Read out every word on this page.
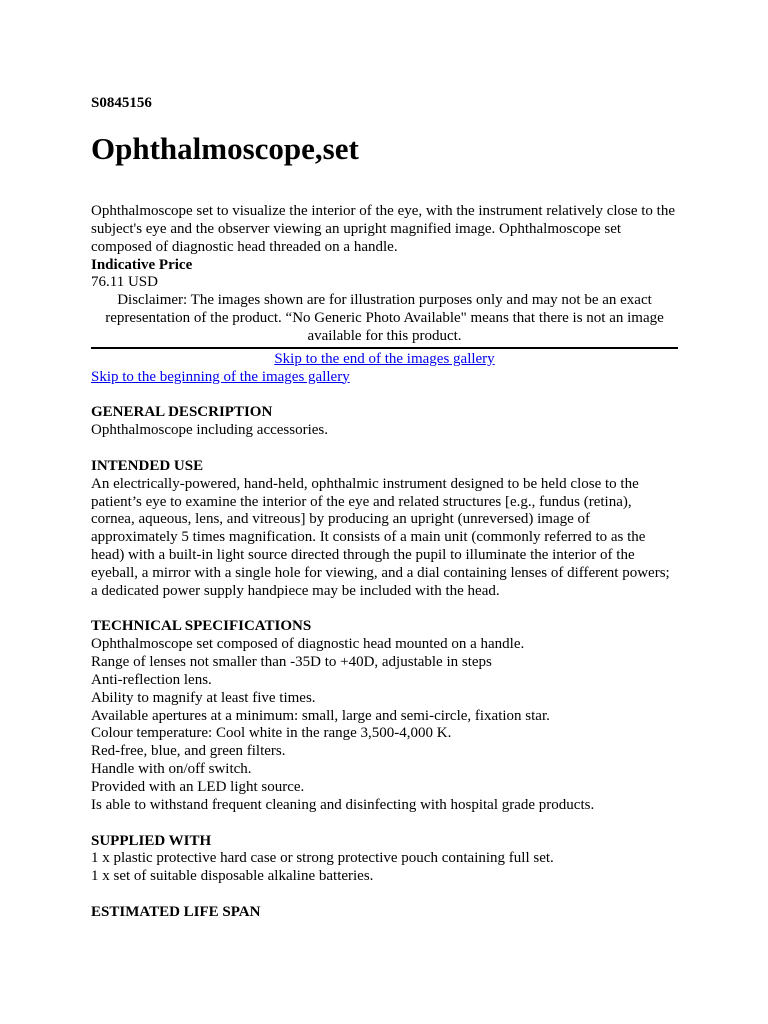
S0845156
Ophthalmoscope,set

Ophthalmoscope set to visualize the interior of the eye, with the instrument relatively close to the subject's eye and the observer viewing an upright magnified image. Ophthalmoscope set composed of diagnostic head threaded on a handle.

Indicative Price

76.11 USD

Disclaimer: The images shown are for illustration purposes only and may not be an exact representation of the product. “No Generic Photo Available" means that there is not an image available for this product.

Skip to the end of the images gallery
Skip to the beginning of the images gallery

GENERAL DESCRIPTION

Ophthalmoscope including accessories.

INTENDED USE

An electrically-powered, hand-held, ophthalmic instrument designed to be held close to the patient’s eye to examine the interior of the eye and related structures [e.g., fundus (retina), cornea, aqueous, lens, and vitreous] by producing an upright (unreversed) image of approximately 5 times magnification. It consists of a main unit (commonly referred to as the head) with a built-in light source directed through the pupil to illuminate the interior of the eyeball, a mirror with a single hole for viewing, and a dial containing lenses of different powers; a dedicated power supply handpiece may be included with the head.

TECHNICAL SPECIFICATIONS

Ophthalmoscope set composed of diagnostic head mounted on a handle.
Range of lenses not smaller than -35D to +40D, adjustable in steps
Anti-reflection lens.
Ability to magnify at least five times.
Available apertures at a minimum: small, large and semi-circle, fixation star.
Colour temperature: Cool white in the range 3,500-4,000 K.
Red-free, blue, and green filters.
Handle with on/off switch.
Provided with an LED light source.
Is able to withstand frequent cleaning and disinfecting with hospital grade products.

SUPPLIED WITH

1 x plastic protective hard case or strong protective pouch containing full set.
1 x set of suitable disposable alkaline batteries.

ESTIMATED LIFE SPAN
